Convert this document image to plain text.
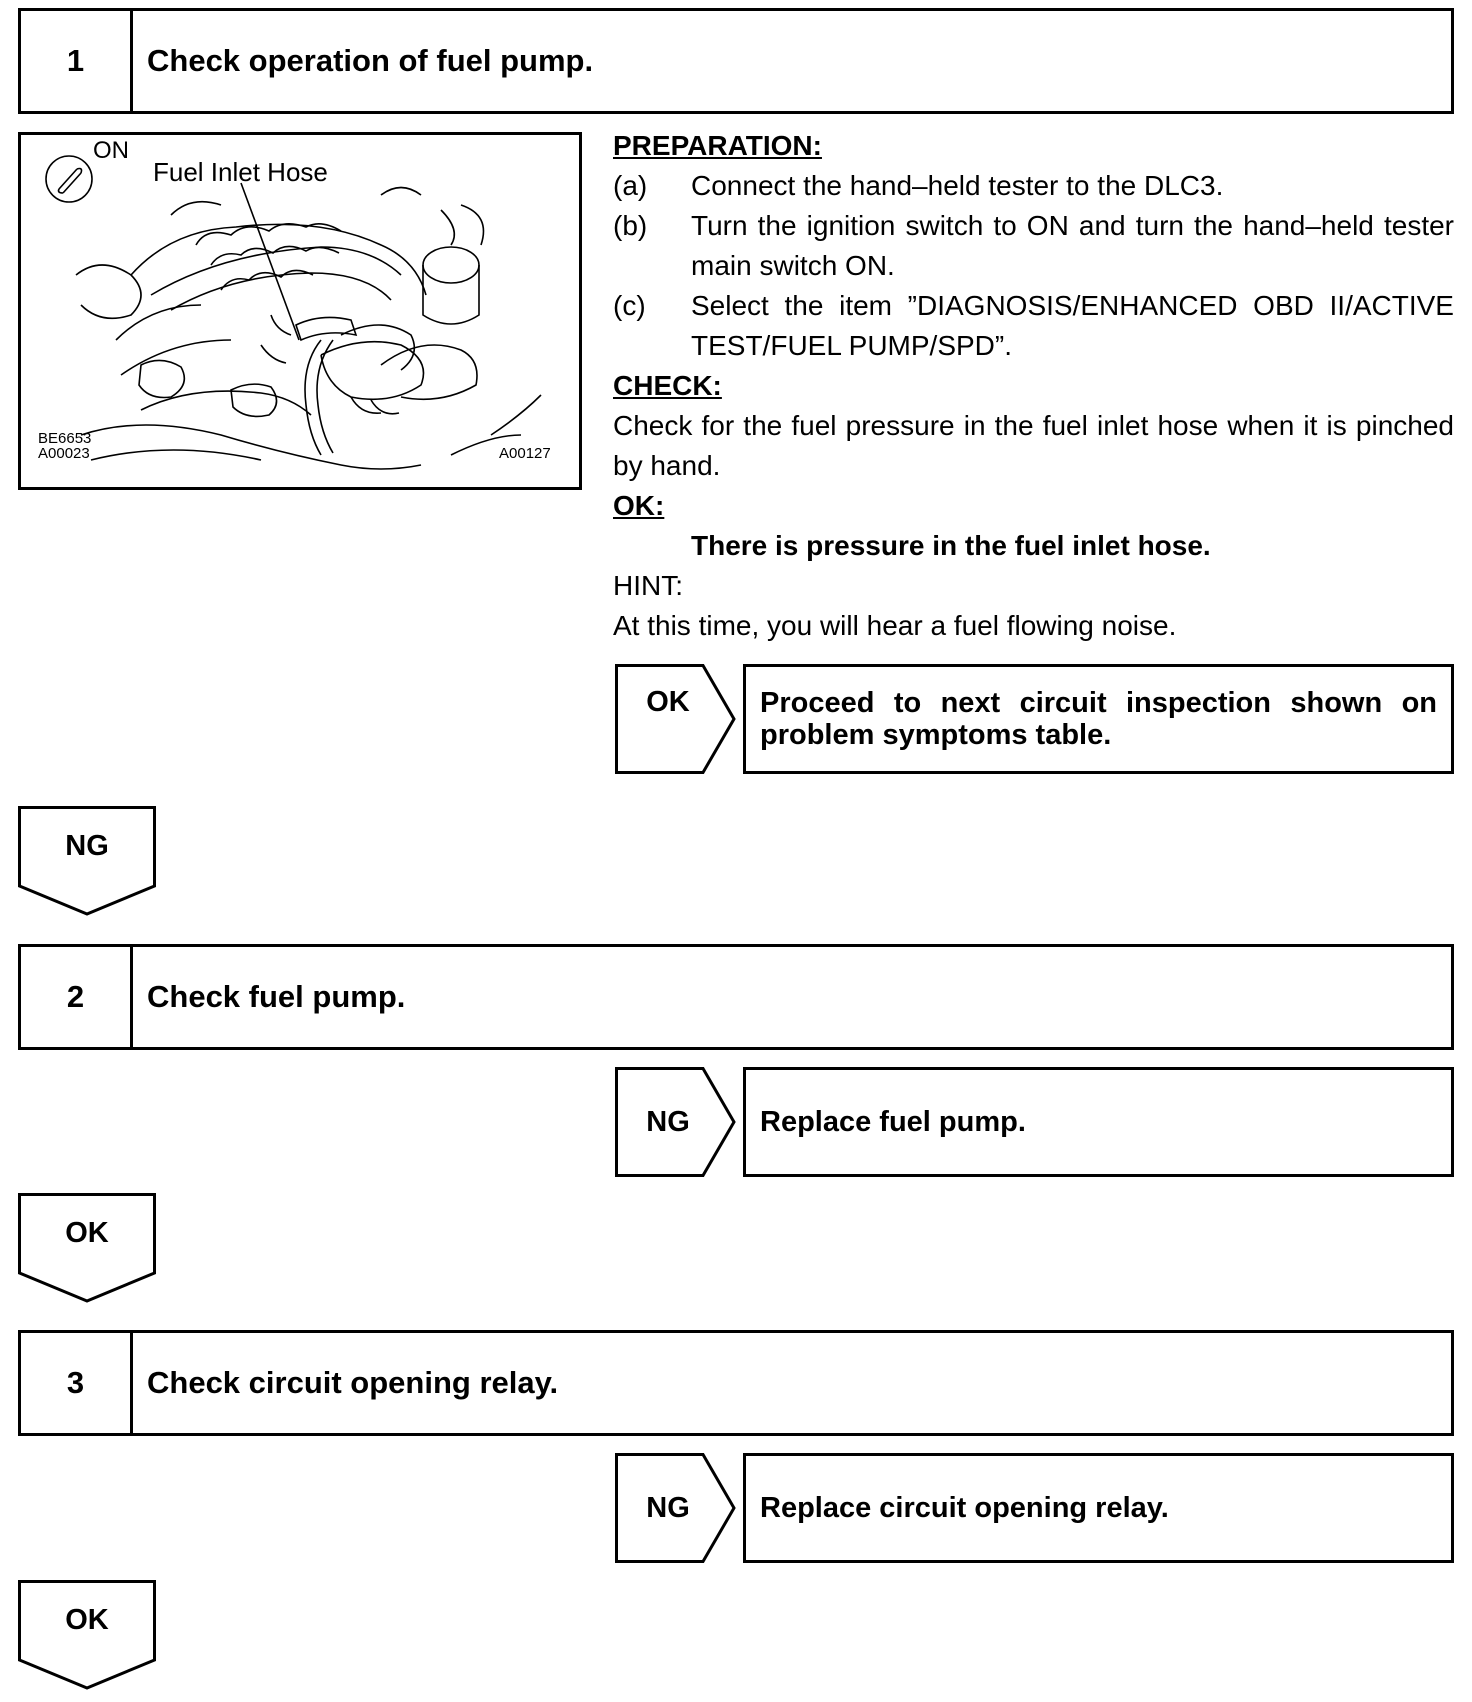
1	Check operation of fuel pump.
ON
Fuel Inlet Hose
BE6653
A00023	A00127
PREPARATION:
(a) Connect the hand–held tester to the DLC3.
(b) Turn the ignition switch to ON and turn the hand–held tester main switch ON.
(c) Select the item ”DIAGNOSIS/ENHANCED OBD II/ACTIVE TEST/FUEL PUMP/SPD”.
CHECK:
Check for the fuel pressure in the fuel inlet hose when it is pinched by hand.
OK:
There is pressure in the fuel inlet hose.
HINT:
At this time, you will hear a fuel flowing noise.
OK	Proceed to next circuit inspection shown on problem symptoms table.
NG
2	Check fuel pump.
NG	Replace fuel pump.
OK
3	Check circuit opening relay.
NG	Replace circuit opening relay.
OK
